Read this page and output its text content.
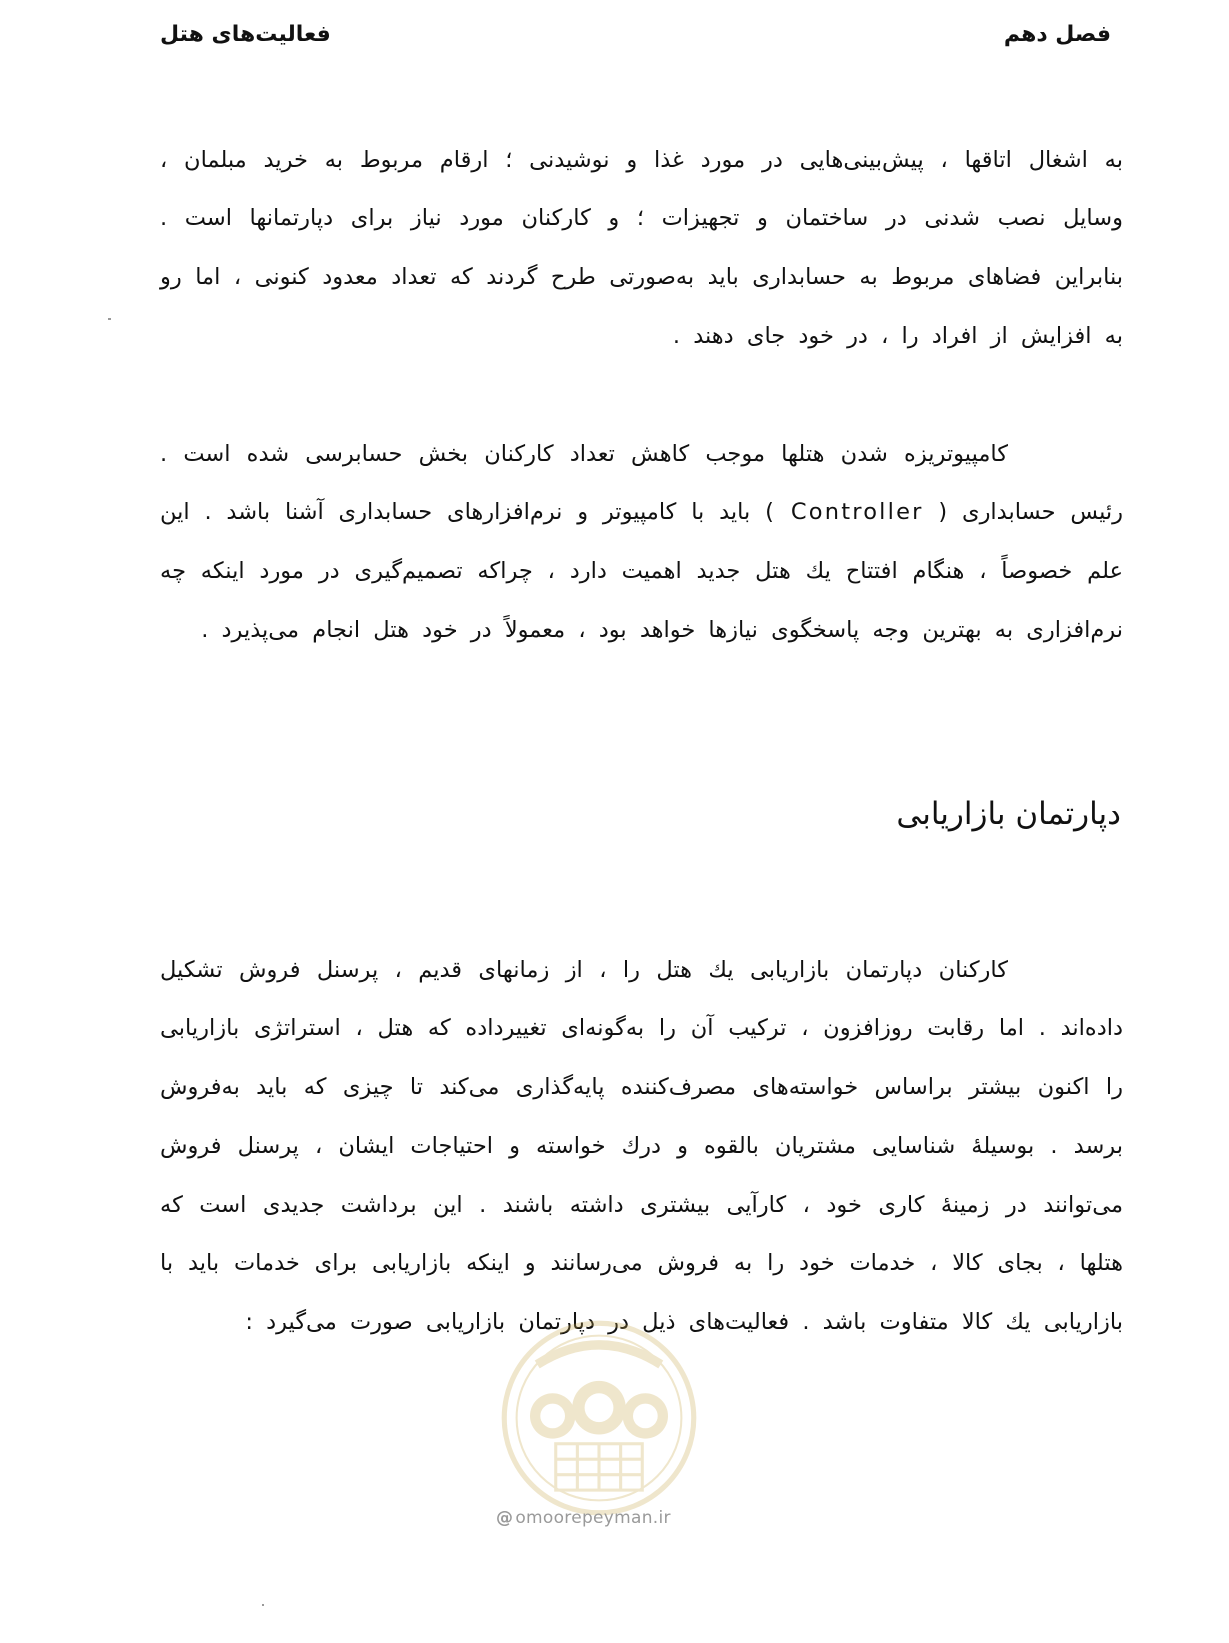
فصل دهم
فعالیت‌های هتل

به اشغال اتاقها ، پیش‌بینی‌هایی در مورد غذا و نوشیدنی ؛ ارقام مربوط به خرید مبلمان ، وسایل نصب شدنی در ساختمان و تجهیزات ؛ و کارکنان مورد نیاز برای دپارتمانها است . بنابراین فضاهای مربوط به حسابداری باید به‌صورتی طرح گردند که تعداد معدود کنونی ، اما رو به افزایش از افراد را ، در خود جای دهند .

کامپیوتریزه شدن هتلها موجب کاهش تعداد کارکنان بخش حسابرسی شده است . رئیس حسابداری ( Controller ) باید با کامپیوتر و نرم‌افزارهای حسابداری آشنا باشد . این علم خصوصاً ، هنگام افتتاح یك هتل جدید اهمیت دارد ، چراکه تصمیم‌گیری در مورد اینکه چه نرم‌افزاری به بهترین وجه پاسخگوی نیازها خواهد بود ، معمولاً در خود هتل انجام می‌پذیرد .

دپارتمان بازاریابی

کارکنان دپارتمان بازاریابی یك هتل را ، از زمانهای قدیم ، پرسنل فروش تشکیل داده‌اند . اما رقابت روزافزون ، ترکیب آن را به‌گونه‌ای تغییرداده که هتل ، استراتژی بازاریابی را اکنون بیشتر براساس خواسته‌های مصرف‌کننده پایه‌گذاری می‌کند تا چیزی که باید به‌فروش برسد . بوسیلهٔ شناسایی مشتریان بالقوه و درك خواسته و احتیاجات ایشان ، پرسنل فروش می‌توانند در زمینهٔ کاری خود ، کارآیی بیشتری داشته باشند . این برداشت جدیدی است که هتلها ، بجای کالا ، خدمات خود را به فروش می‌رسانند و اینکه بازاریابی برای خدمات باید با بازاریابی یك کالا متفاوت باشد . فعالیت‌های ذیل در دپارتمان بازاریابی صورت می‌گیرد :

@ omoorepeyman.ir
